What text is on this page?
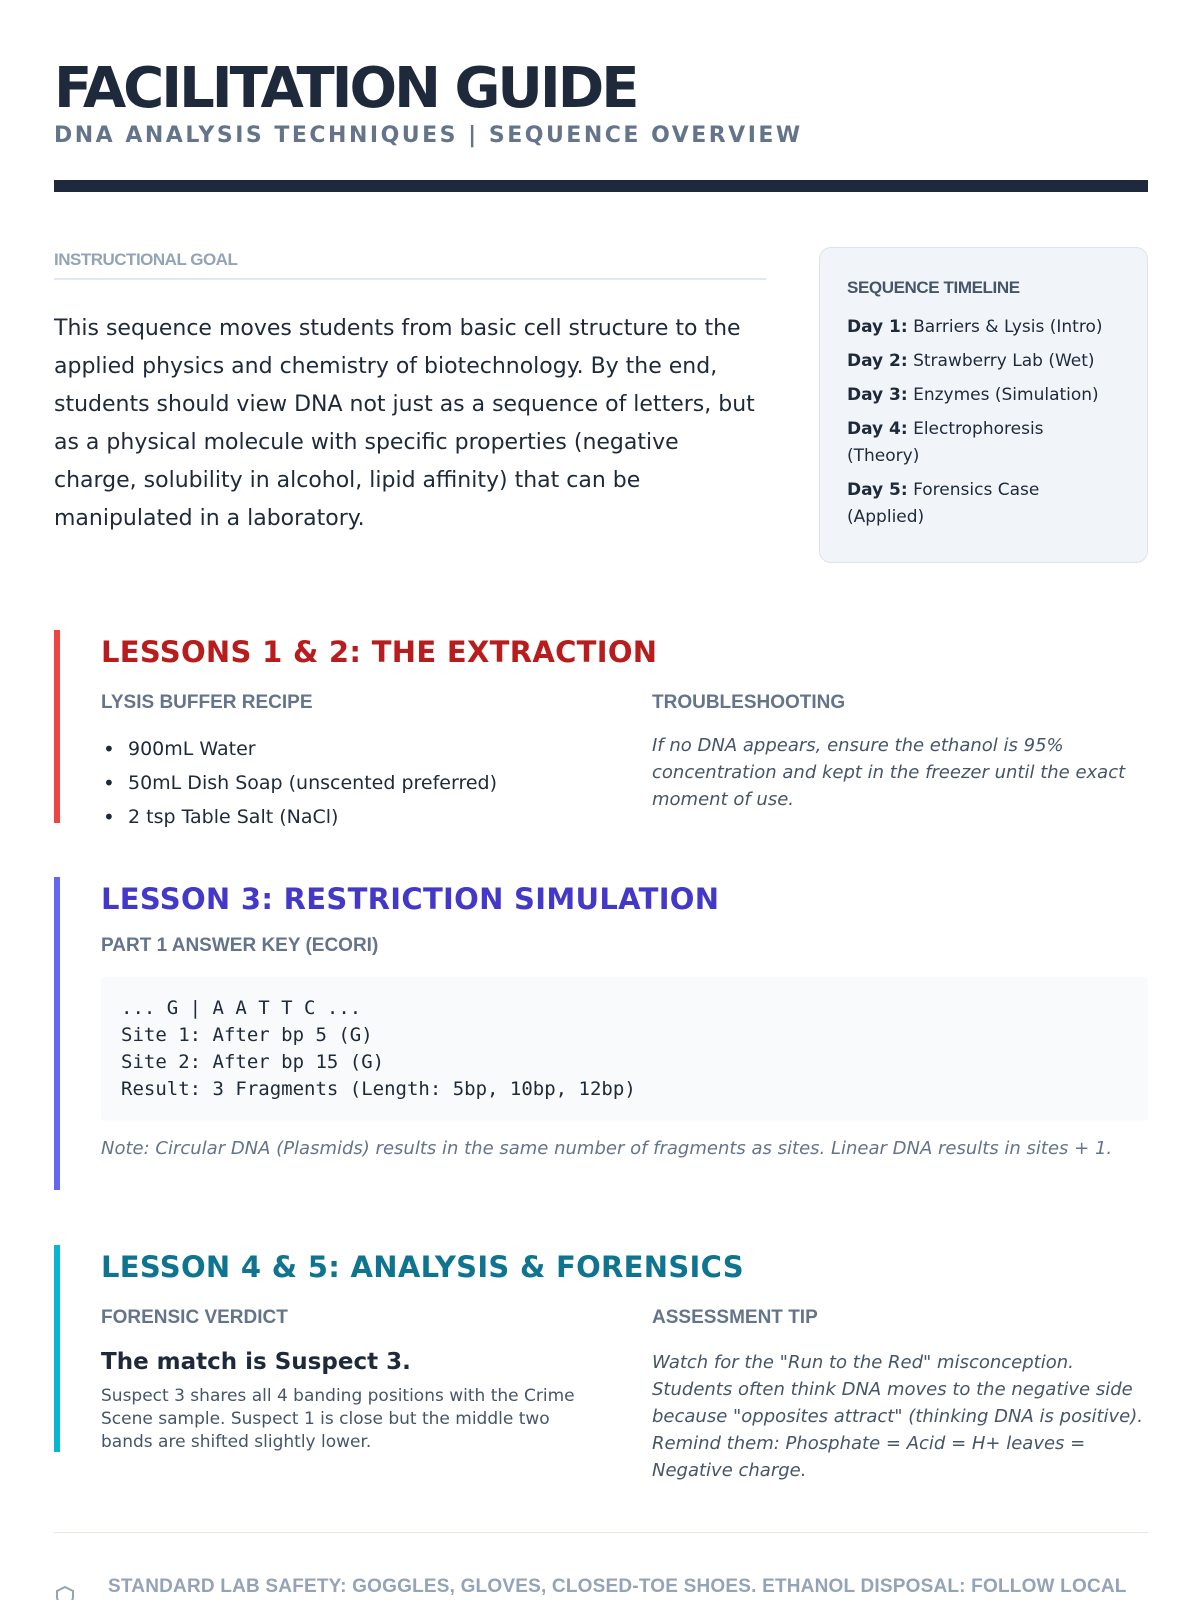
FACILITATION GUIDE
DNA ANALYSIS TECHNIQUES | SEQUENCE OVERVIEW
INSTRUCTIONAL GOAL

This sequence moves students from basic cell structure to the applied physics and chemistry of biotechnology. By the end, students should view DNA not just as a sequence of letters, but as a physical molecule with specific properties (negative charge, solubility in alcohol, lipid affinity) that can be manipulated in a laboratory.

SEQUENCE TIMELINE
Day 1: Barriers & Lysis (Intro)
Day 2: Strawberry Lab (Wet)
Day 3: Enzymes (Simulation)
Day 4: Electrophoresis (Theory)
Day 5: Forensics Case (Applied)
LESSONS 1 & 2: THE EXTRACTION
LYSIS BUFFER RECIPE
• 900mL Water
• 50mL Dish Soap (unscented preferred)
• 2 tsp Table Salt (NaCl)
TROUBLESHOOTING

If no DNA appears, ensure the ethanol is 95% concentration and kept in the freezer until the exact moment of use.

LESSON 3: RESTRICTION SIMULATION
PART 1 ANSWER KEY (ECORI)
... G | A A T T C ...
Site 1: After bp 5 (G)
Site 2: After bp 15 (G)
Result: 3 Fragments (Length: 5bp, 10bp, 12bp)

Note: Circular DNA (Plasmids) results in the same number of fragments as sites. Linear DNA results in sites + 1.

LESSON 4 & 5: ANALYSIS & FORENSICS
FORENSIC VERDICT
The match is Suspect 3.

Suspect 3 shares all 4 banding positions with the Crime Scene sample. Suspect 1 is close but the middle two bands are shifted slightly lower.

ASSESSMENT TIP

Watch for the "Run to the Red" misconception. Students often think DNA moves to the negative side because "opposites attract" (thinking DNA is positive). Remind them: Phosphate = Acid = H+ leaves = Negative charge.

STANDARD LAB SAFETY: GOGGLES, GLOVES, CLOSED-TOE SHOES. ETHANOL DISPOSAL: FOLLOW LOCAL
